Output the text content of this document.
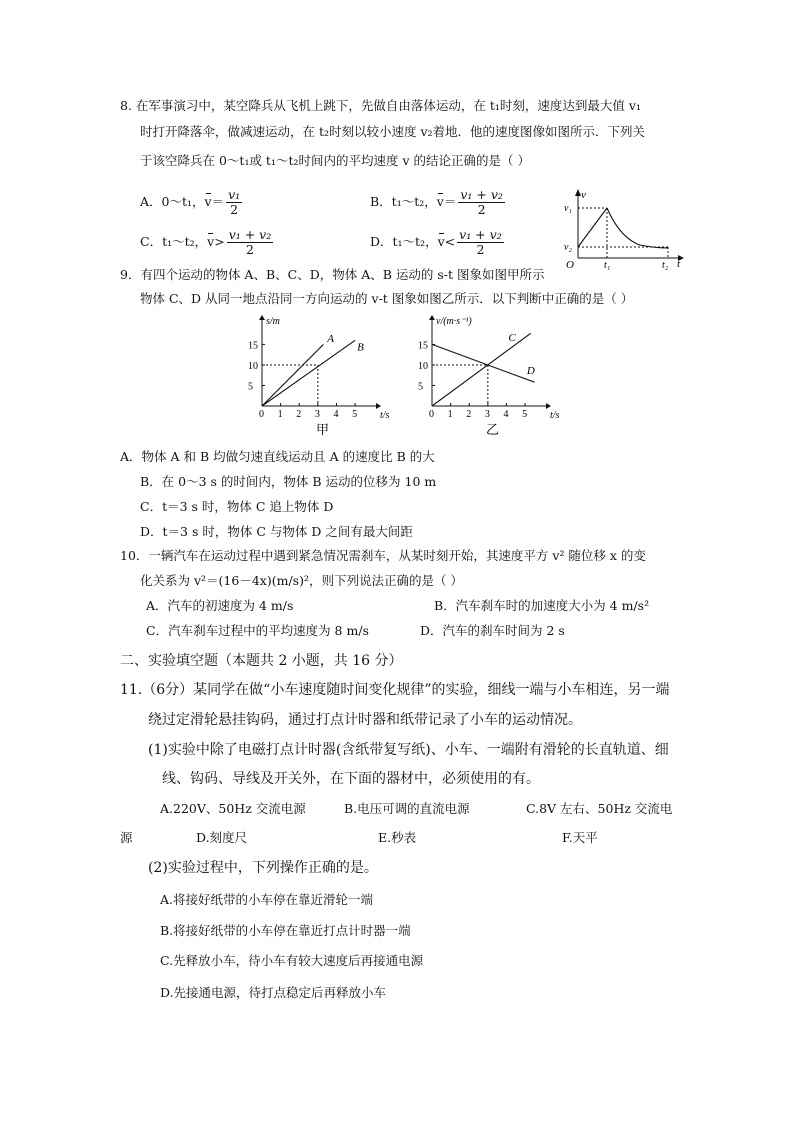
8. 在军事演习中，某空降兵从飞机上跳下，先做自由落体运动，在 t₁时刻，速度达到最大值 v₁
时打开降落伞，做减速运动，在 t₂时刻以较小速度 v₂着地．他的速度图像如图所示．下列关
于该空降兵在 0～t₁或 t₁～t₂时间内的平均速度 v 的结论正确的是（ ）
A．0～t₁，$v= \frac{\text{v₁}}{2}$	B．t₁～t₂，$v= \frac{\text{v₁ + v₂}}{2}$
C．t₁～t₂，$v> \frac{\text{v₁ + v₂}}{2}$	D．t₁～t₂，$v< \frac{\text{v₁ + v₂}}{2}$
v
t
O
v₁
v₂
t₁	t₂
9．有四个运动的物体 A、B、C、D，物体 A、B 运动的 s-t 图象如图甲所示
物体 C、D 从同一地点沿同一方向运动的 v-t 图象如图乙所示．以下判断中正确的是（ ）
0 1 2 3 4 5
5
10
15
A
B
s/m
t/s
甲
0 1 2 3 4 5
5
10
15
C
D
v/(m·s⁻¹)
t/s
乙
A．物体 A 和 B 均做匀速直线运动且 A 的速度比 B 的大
B．在 0～3 s 的时间内，物体 B 运动的位移为 10 m
C．t＝3 s 时，物体 C 追上物体 D
D．t＝3 s 时，物体 C 与物体 D 之间有最大间距
10．一辆汽车在运动过程中遇到紧急情况需刹车，从某时刻开始，其速度平方 v² 随位移 x 的变
化关系为 v²＝(16－4x)(m/s)²，则下列说法正确的是（ ）
A．汽车的初速度为 4 m/s	B．汽车刹车时的加速度大小为 4 m/s²
C．汽车刹车过程中的平均速度为 8 m/s	D．汽车的刹车时间为 2 s
二、实验填空题（本题共 2 小题，共 16 分）
11.（6分）某同学在做“小车速度随时间变化规律”的实验，细线一端与小车相连，另一端
绕过定滑轮悬挂钩码，通过打点计时器和纸带记录了小车的运动情况。
(1)实验中除了电磁打点计时器(含纸带复写纸)、小车、一端附有滑轮的长直轨道、细
线、钩码、导线及开关外，在下面的器材中，必须使用的有。
A.220V、50Hz 交流电源	B.电压可调的直流电源	C.8V 左右、50Hz 交流电
源	D.刻度尺	E.秒表	F.天平
(2)实验过程中，下列操作正确的是。
A.将接好纸带的小车停在靠近滑轮一端
B.将接好纸带的小车停在靠近打点计时器一端
C.先释放小车，待小车有较大速度后再接通电源
D.先接通电源，待打点稳定后再释放小车
